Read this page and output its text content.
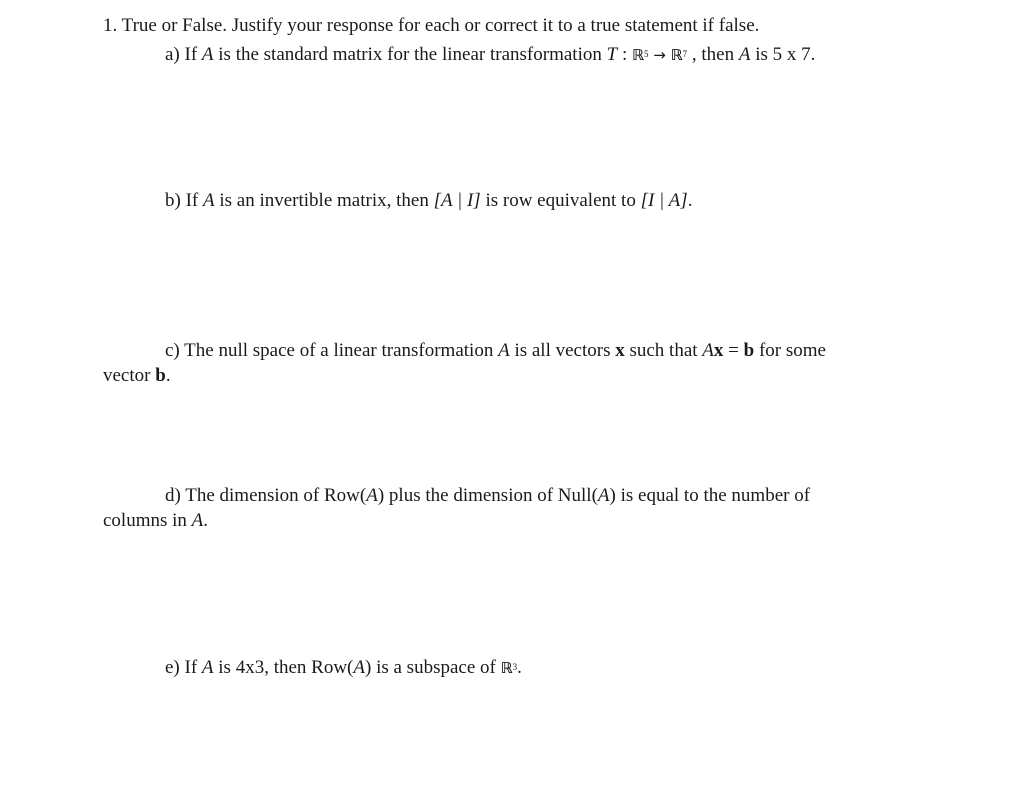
1. True or False. Justify your response for each or correct it to a true statement if false.
a) If A is the standard matrix for the linear transformation T : ℝ$^5$ → ℝ$^7$ , then A is 5 x 7.
b) If A is an invertible matrix, then [A | I] is row equivalent to [I | A].
c) The null space of a linear transformation A is all vectors x such that Ax = b for some
vector b.
d) The dimension of Row(A) plus the dimension of Null(A) is equal to the number of
columns in A.
e) If A is 4x3, then Row(A) is a subspace of ℝ$^3$.
